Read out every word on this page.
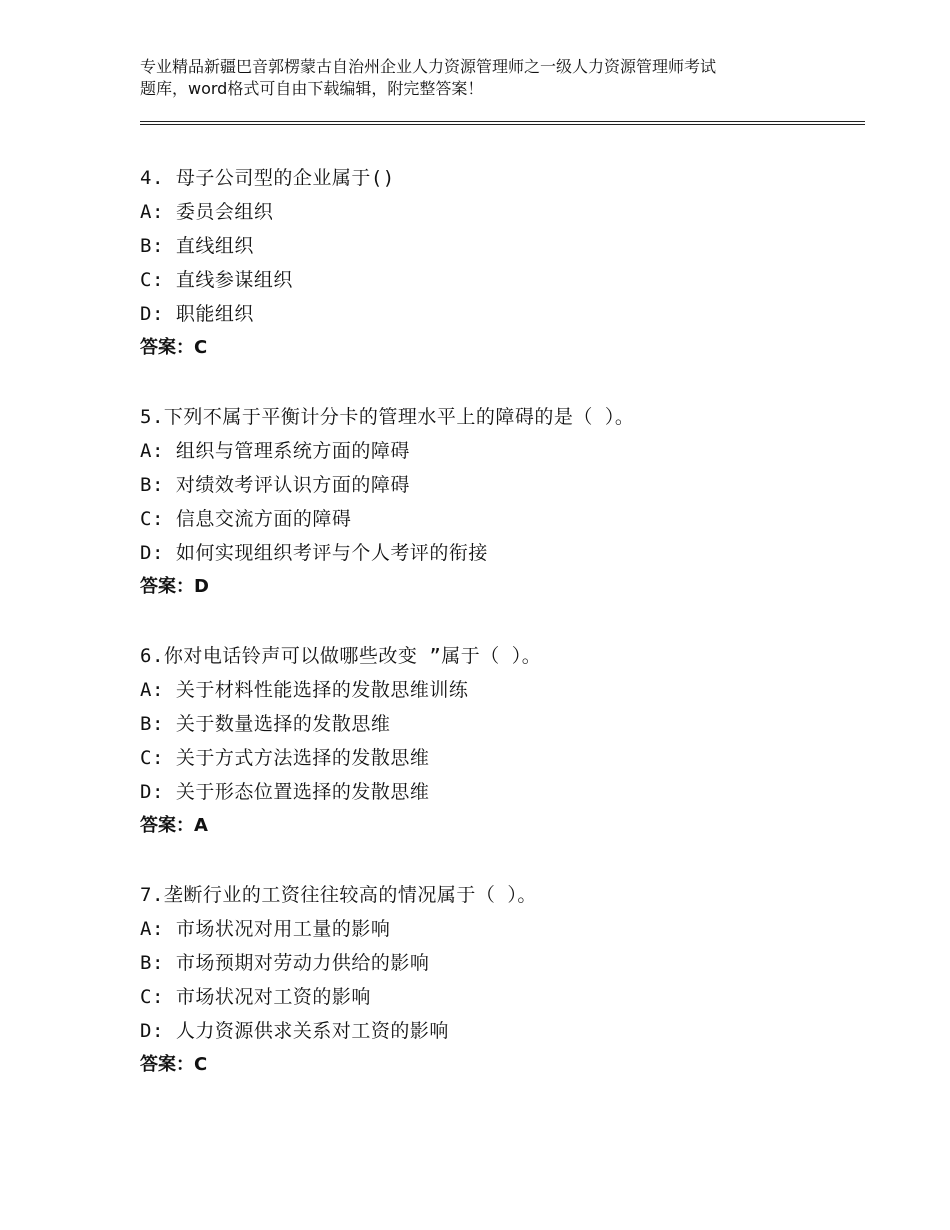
专业精品新疆巴音郭楞蒙古自治州企业人力资源管理师之一级人力资源管理师考试
题库，word格式可自由下载编辑，附完整答案！
4. 母子公司型的企业属于()
A: 委员会组织
B: 直线组织
C: 直线参谋组织
D: 职能组织
答案：C
5.下列不属于平衡计分卡的管理水平上的障碍的是（ ）。
A: 组织与管理系统方面的障碍
B: 对绩效考评认识方面的障碍
C: 信息交流方面的障碍
D: 如何实现组织考评与个人考评的衔接
答案：D
6.你对电话铃声可以做哪些改变 ”属于（ ）。
A: 关于材料性能选择的发散思维训练
B: 关于数量选择的发散思维
C: 关于方式方法选择的发散思维
D: 关于形态位置选择的发散思维
答案：A
7.垄断行业的工资往往较高的情况属于（ ）。
A: 市场状况对用工量的影响
B: 市场预期对劳动力供给的影响
C: 市场状况对工资的影响
D: 人力资源供求关系对工资的影响
答案：C
